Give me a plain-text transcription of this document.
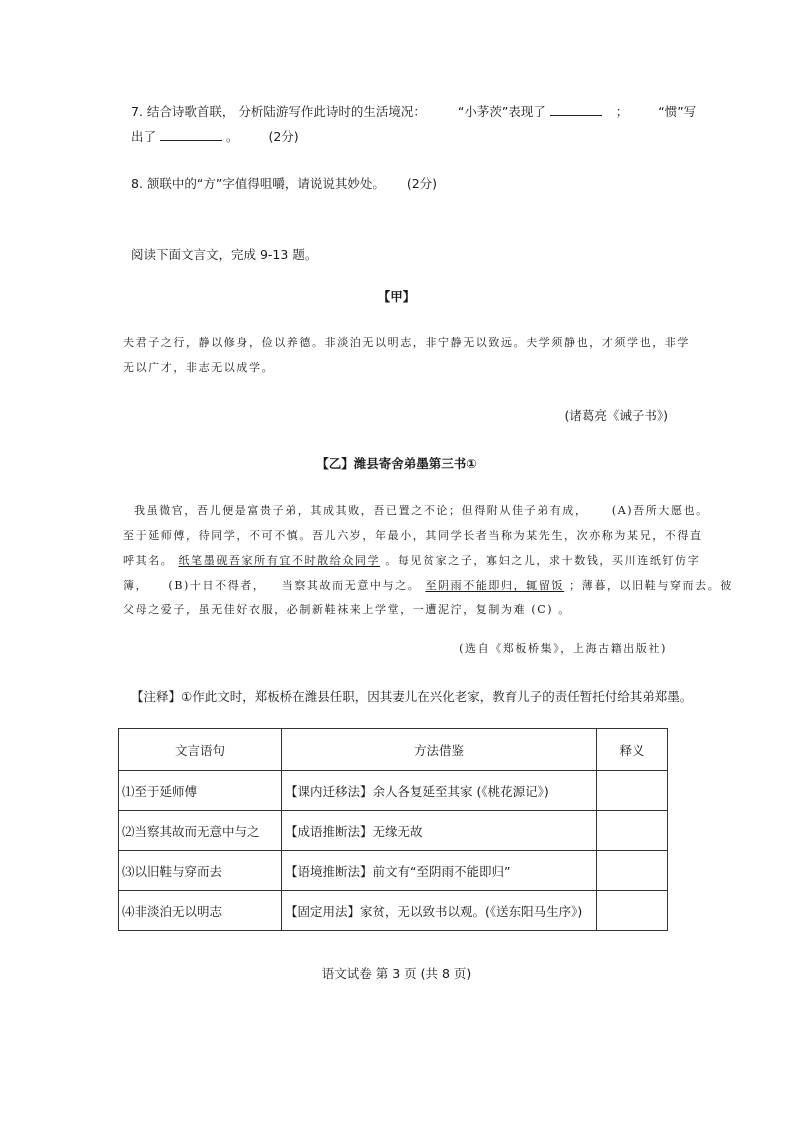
7. 结合诗歌首联， 分析陆游写作此诗时的生活境况：	“小茅茨”表现了	； “惯”写
出了	。 (2分)
8. 颔联中的“方”字值得咀嚼，请说说其妙处。 (2分)
阅读下面文言文，完成 9-13 题。
【甲】
夫君子之行，静以修身，俭以养德。非淡泊无以明志，非宁静无以致远。夫学须静也，才须学也，非学
无以广才，非志无以成学。
(诸葛亮《诫子书》)
【乙】潍县寄舍弟墨第三书①
我虽微官，吾儿便是富贵子弟，其成其败，吾已置之不论；但得附从佳子弟有成， (A)吾所大愿也。
至于延师傅，待同学，不可不慎。吾儿六岁，年最小，其同学长者当称为某先生，次亦称为某兄，不得直
呼其名。 纸笔墨砚吾家所有宜不时散给众同学 。每见贫家之子，寡妇之儿，求十数钱，买川连纸钉仿字
簿， (B)十日不得者， 当察其故而无意中与之。 至阴雨不能即归，辄留饭 ；薄暮，以旧鞋与穿而去。彼
父母之爱子，虽无佳好衣服，必制新鞋袜来上学堂，一遭泥泞，复制为难 (C) 。
(选自《郑板桥集》，上海古籍出版社)
【注释】①作此文时，郑板桥在潍县任职，因其妻儿在兴化老家，教育儿子的责任暂托付给其弟郑墨。
文言语句	方法借鉴	释义
⑴至于延师傅	【课内迁移法】余人各复延至其家 (《桃花源记》)	
⑵当察其故而无意中与之	【成语推断法】无缘无故	
⑶以旧鞋与穿而去	【语境推断法】前文有“至阴雨不能即归”	
⑷非淡泊无以明志	【固定用法】家贫，无以致书以观。(《送东阳马生序》)	
语文试卷 第 3 页 (共 8 页)
